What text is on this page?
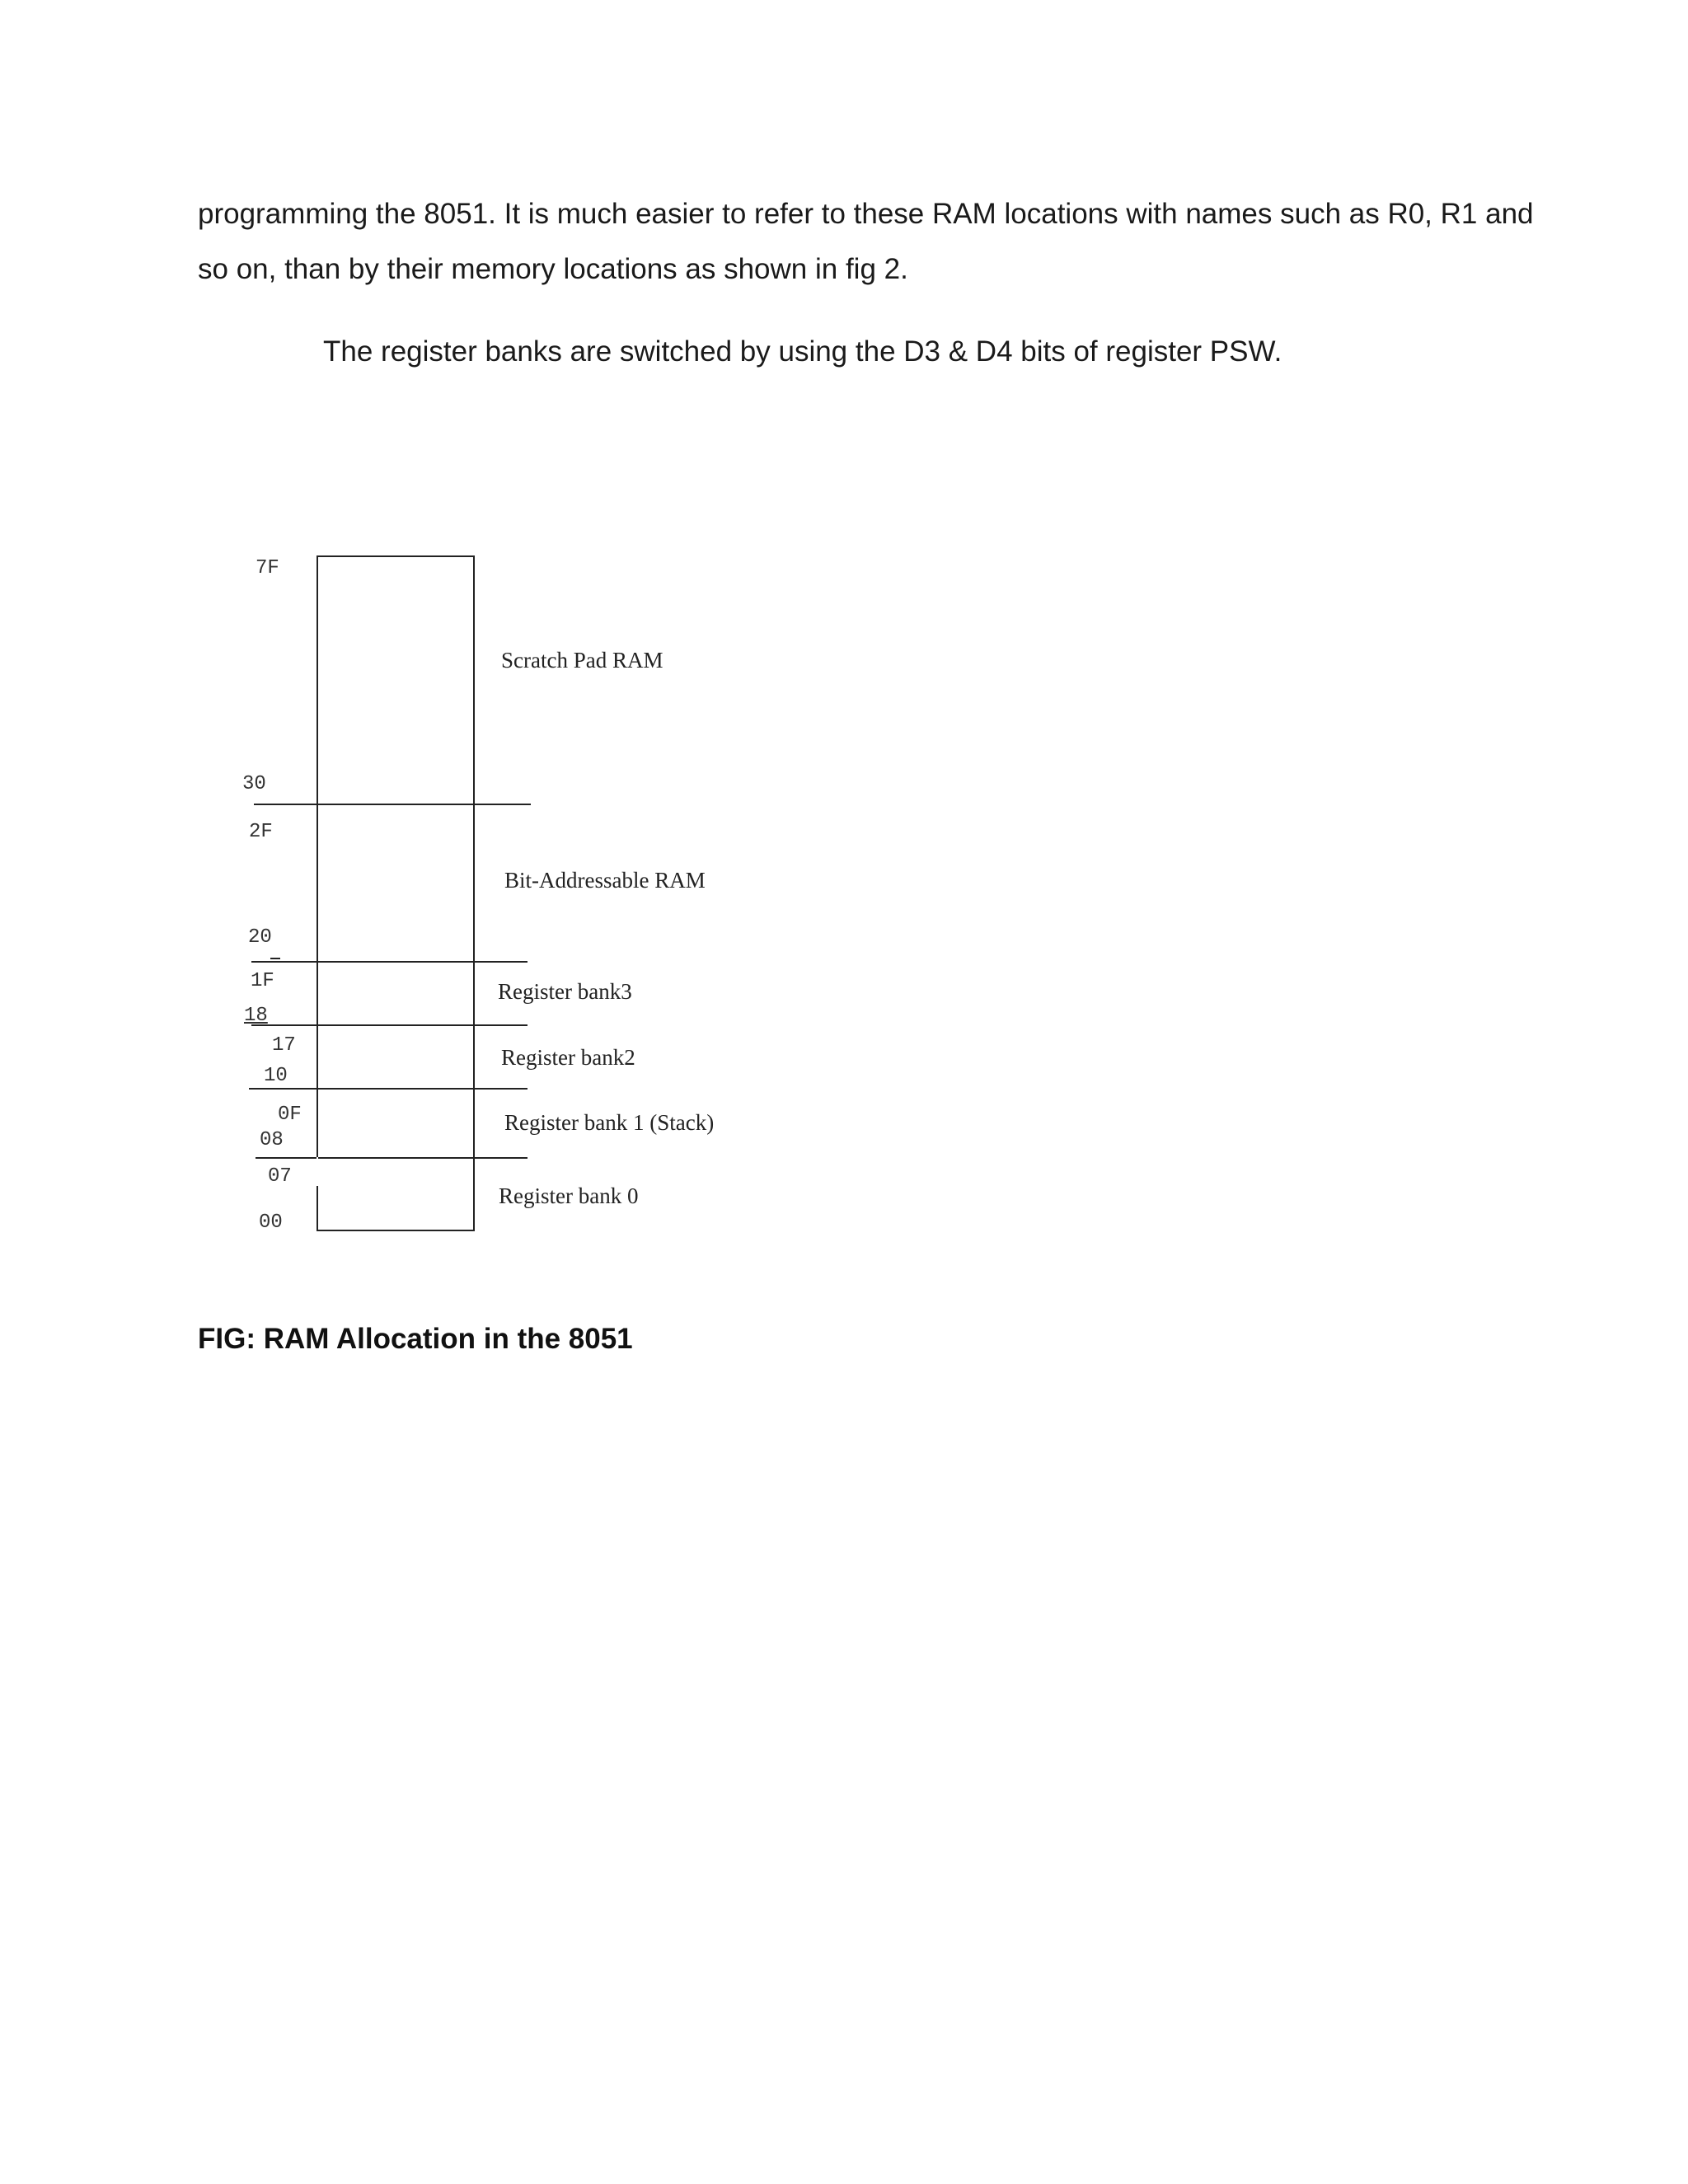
programming the 8051. It is much easier to refer to these RAM locations with names such as R0, R1 and

so on, than by their memory locations as shown in fig 2.

The register banks are switched by using the D3 & D4 bits of register PSW.

7F
30
2F
20
1F
18
17
10
0F
08
07
00
Scratch Pad RAM
Bit-Addressable RAM
Register bank3
Register bank2
Register bank 1 (Stack)
Register bank 0
FIG: RAM Allocation in the 8051
